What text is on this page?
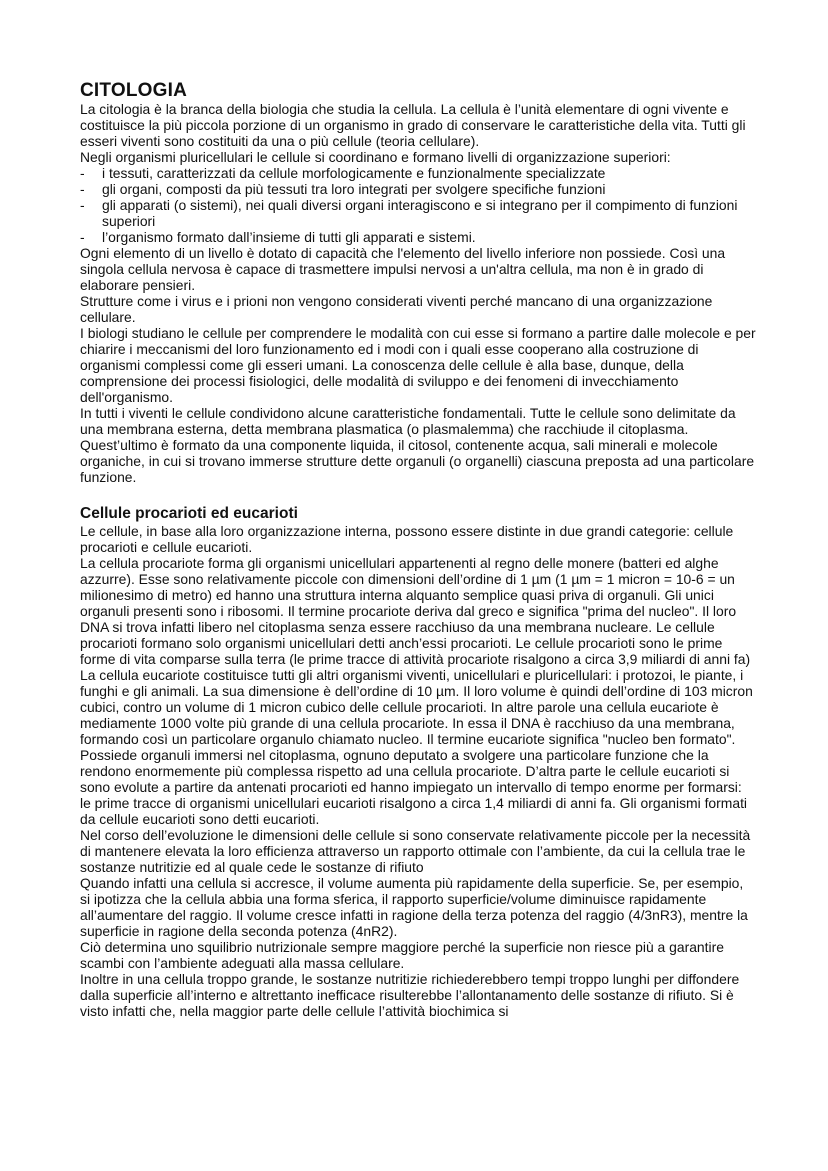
CITOLOGIA

La citologia è la branca della biologia che studia la cellula. La cellula è l’unità elementare di ogni vivente e costituisce la più piccola porzione di un organismo in grado di conservare le caratteristiche della vita. Tutti gli esseri viventi sono costituiti da una o più cellule (teoria cellulare).

Negli organismi pluricellulari le cellule si coordinano e formano livelli di organizzazione superiori:

- i tessuti, caratterizzati da cellule morfologicamente e funzionalmente specializzate
- gli organi, composti da più tessuti tra loro integrati per svolgere specifiche funzioni
- gli apparati (o sistemi), nei quali diversi organi interagiscono e si integrano per il compimento di funzioni superiori
- l’organismo formato dall’insieme di tutti gli apparati e sistemi.

Ogni elemento di un livello è dotato di capacità che l'elemento del livello inferiore non possiede. Così una singola cellula nervosa è capace di trasmettere impulsi nervosi a un'altra cellula, ma non è in grado di elaborare pensieri.

Strutture come i virus e i prioni non vengono considerati viventi perché mancano di una organizzazione cellulare.

I biologi studiano le cellule per comprendere le modalità con cui esse si formano a partire dalle molecole e per chiarire i meccanismi del loro funzionamento ed i modi con i quali esse cooperano alla costruzione di organismi complessi come gli esseri umani. La conoscenza delle cellule è alla base, dunque, della comprensione dei processi fisiologici, delle modalità di sviluppo e dei fenomeni di invecchiamento dell'organismo.

In tutti i viventi le cellule condividono alcune caratteristiche fondamentali. Tutte le cellule sono delimitate da una membrana esterna, detta membrana plasmatica (o plasmalemma) che racchiude il citoplasma. Quest’ultimo è formato da una componente liquida, il citosol, contenente acqua, sali minerali e molecole organiche, in cui si trovano immerse strutture dette organuli (o organelli) ciascuna preposta ad una particolare funzione.

Cellule procarioti ed eucarioti

Le cellule, in base alla loro organizzazione interna, possono essere distinte in due grandi categorie: cellule procarioti e cellule eucarioti.

La cellula procariote forma gli organismi unicellulari appartenenti al regno delle monere (batteri ed alghe azzurre). Esse sono relativamente piccole con dimensioni dell’ordine di 1 µm (1 µm = 1 micron = 10-6 = un milionesimo di metro) ed hanno una struttura interna alquanto semplice quasi priva di organuli. Gli unici organuli presenti sono i ribosomi. Il termine procariote deriva dal greco e significa "prima del nucleo". Il loro DNA si trova infatti libero nel citoplasma senza essere racchiuso da una membrana nucleare. Le cellule procarioti formano solo organismi unicellulari detti anch’essi procarioti. Le cellule procarioti sono le prime forme di vita comparse sulla terra (le prime tracce di attività procariote risalgono a circa 3,9 miliardi di anni fa)

La cellula eucariote costituisce tutti gli altri organismi viventi, unicellulari e pluricellulari: i protozoi, le piante, i funghi e gli animali. La sua dimensione è dell’ordine di 10 µm. Il loro volume è quindi dell’ordine di 103 micron cubici, contro un volume di 1 micron cubico delle cellule procarioti. In altre parole una cellula eucariote è mediamente 1000 volte più grande di una cellula procariote. In essa il DNA è racchiuso da una membrana, formando così un particolare organulo chiamato nucleo. Il termine eucariote significa "nucleo ben formato". Possiede organuli immersi nel citoplasma, ognuno deputato a svolgere una particolare funzione che la rendono enormemente più complessa rispetto ad una cellula procariote. D’altra parte le cellule eucarioti si sono evolute a partire da antenati procarioti ed hanno impiegato un intervallo di tempo enorme per formarsi: le prime tracce di organismi unicellulari eucarioti risalgono a circa 1,4 miliardi di anni fa. Gli organismi formati da cellule eucarioti sono detti eucarioti.

Nel corso dell’evoluzione le dimensioni delle cellule si sono conservate relativamente piccole per la necessità di mantenere elevata la loro efficienza attraverso un rapporto ottimale con l’ambiente, da cui la cellula trae le sostanze nutritizie ed al quale cede le sostanze di rifiuto

Quando infatti una cellula si accresce, il volume aumenta più rapidamente della superficie. Se, per esempio, si ipotizza che la cellula abbia una forma sferica, il rapporto superficie/volume diminuisce rapidamente all’aumentare del raggio. Il volume cresce infatti in ragione della terza potenza del raggio (4/3nR3), mentre la superficie in ragione della seconda potenza (4nR2).

Ciò determina uno squilibrio nutrizionale sempre maggiore perché la superficie non riesce più a garantire scambi con l’ambiente adeguati alla massa cellulare.

Inoltre in una cellula troppo grande, le sostanze nutritizie richiederebbero tempi troppo lunghi per diffondere dalla superficie all’interno e altrettanto inefficace risulterebbe l’allontanamento delle sostanze di rifiuto. Si è visto infatti che, nella maggior parte delle cellule l’attività biochimica si
